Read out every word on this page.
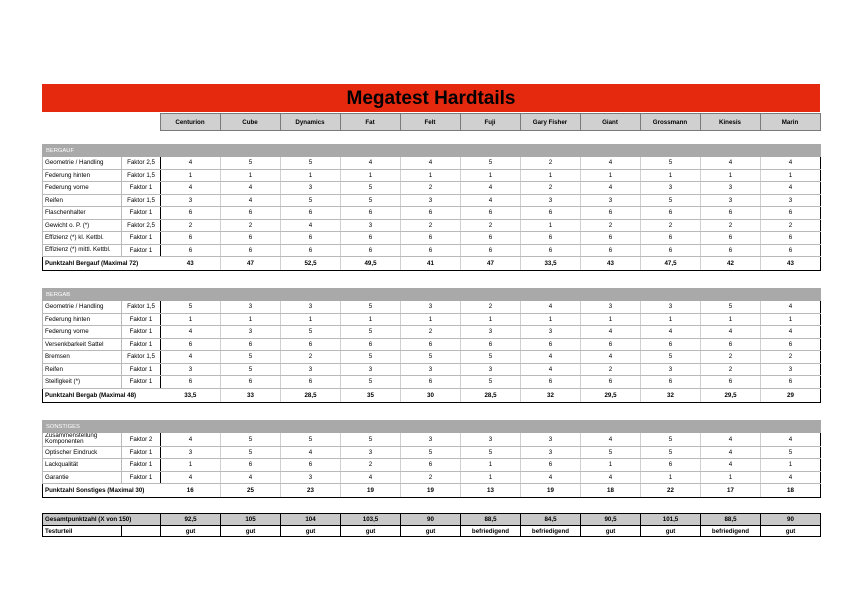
Megatest Hardtails
		Centurion	Cube	Dynamics	Fat	Felt	Fuji	Gary Fisher	Giant	Grossmann	Kinesis	Marin
BERGAUF												
Geometrie / Handling	Faktor 2,5	4	5	5	4	4	5	2	4	5	4	4
Federung hinten	Faktor 1,5	1	1	1	1	1	1	1	1	1	1	1
Federung vorne	Faktor 1	4	4	3	5	2	4	2	4	3	3	4
Reifen	Faktor 1,5	3	4	5	5	3	4	3	3	5	3	3
Flaschenhalter	Faktor 1	6	6	6	6	6	6	6	6	6	6	6
Gewicht o. P. (*)	Faktor 2,5	2	2	4	3	2	2	1	2	2	2	2
Effizienz (*) kl. Kettbl.	Faktor 1	6	6	6	6	6	6	6	6	6	6	6
Effizienz (*) mittl. Kettbl.	Faktor 1	6	6	6	6	6	6	6	6	6	6	6
Punktzahl Bergauf (Maximal 72)		43	47	52,5	49,5	41	47	33,5	43	47,5	42	43
BERGAB												
Geometrie / Handling	Faktor 1,5	5	3	3	5	3	2	4	3	3	5	4
Federung hinten	Faktor 1	1	1	1	1	1	1	1	1	1	1	1
Federung vorne	Faktor 1	4	3	5	5	2	3	3	4	4	4	4
Versenkbarkeit Sattel	Faktor 1	6	6	6	6	6	6	6	6	6	6	6
Bremsen	Faktor 1,5	4	5	2	5	5	5	4	4	5	2	2
Reifen	Faktor 1	3	5	3	3	3	3	4	2	3	2	3
Steifigkeit (*)	Faktor 1	6	6	6	5	6	5	6	6	6	6	6
Punktzahl Bergab (Maximal 48)		33,5	33	28,5	35	30	28,5	32	29,5	32	29,5	29
SONSTIGES												
Zusammenstellung Komponenten	Faktor 2	4	5	5	5	3	3	3	4	5	4	4
Optischer Eindruck	Faktor 1	3	5	4	3	5	5	3	5	5	4	5
Lackqualität	Faktor 1	1	6	6	2	6	1	6	1	6	4	1
Garantie	Faktor 1	4	4	3	4	2	1	4	4	1	1	4
Punktzahl Sonstiges (Maximal 30)		16	25	23	19	19	13	19	18	22	17	18
Gesamtpunktzahl (X von 150)		92,5	105	104	103,5	90	88,5	84,5	90,5	101,5	88,5	90
Testurteil		gut	gut	gut	gut	gut	befriedigend	befriedigend	gut	gut	befriedigend	gut
